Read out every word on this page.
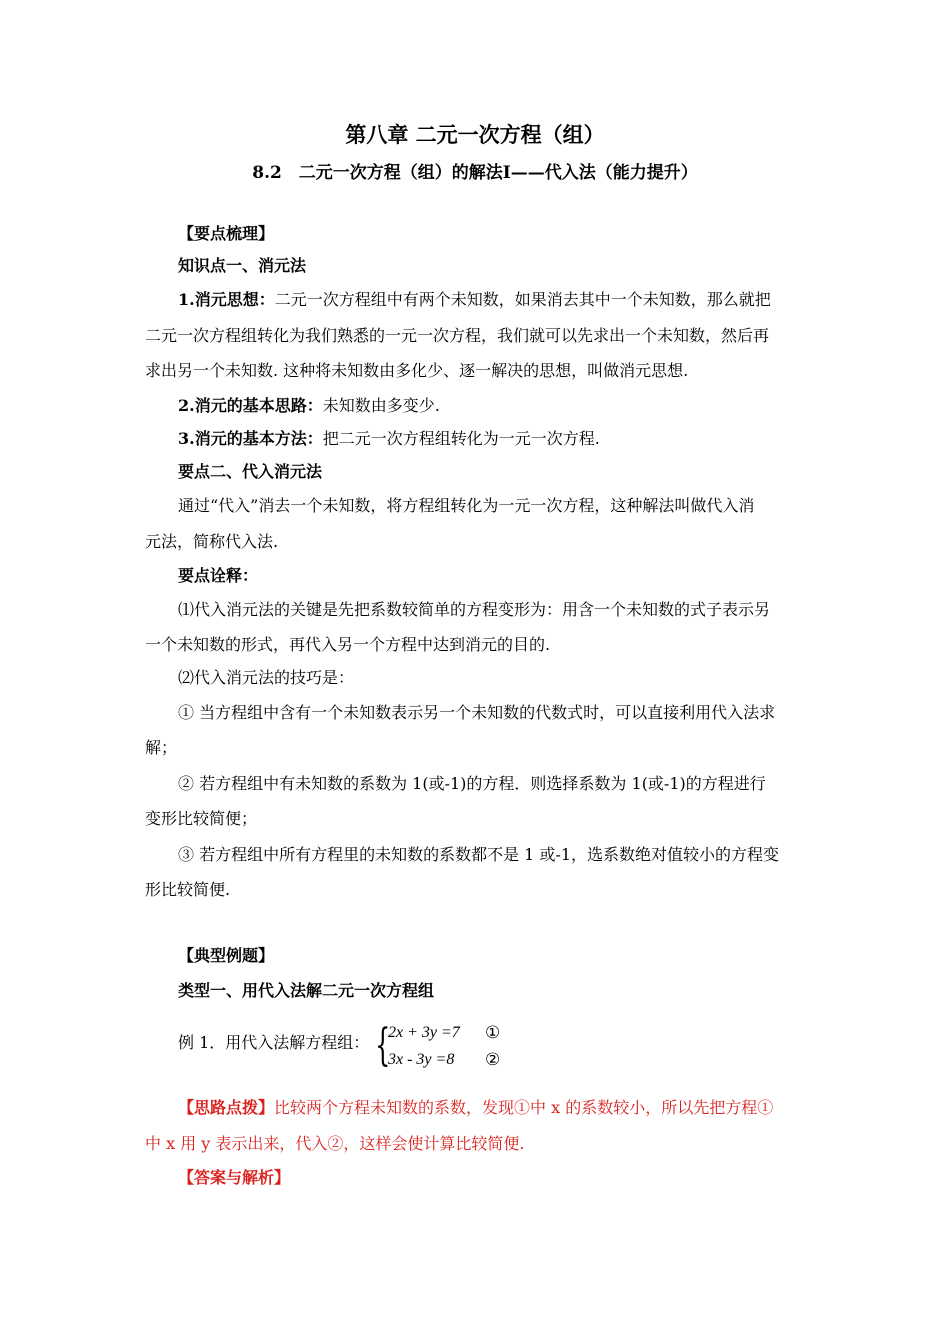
第八章 二元一次方程（组）
8.2　二元一次方程（组）的解法Ⅰ——代入法（能力提升）
【要点梳理】
知识点一、消元法
1.消元思想：二元一次方程组中有两个未知数，如果消去其中一个未知数，那么就把
二元一次方程组转化为我们熟悉的一元一次方程，我们就可以先求出一个未知数，然后再
求出另一个未知数. 这种将未知数由多化少、逐一解决的思想，叫做消元思想.
2.消元的基本思路：未知数由多变少.
3.消元的基本方法：把二元一次方程组转化为一元一次方程.
要点二、代入消元法
通过“代入”消去一个未知数，将方程组转化为一元一次方程，这种解法叫做代入消
元法，简称代入法.
要点诠释：
⑴代入消元法的关键是先把系数较简单的方程变形为：用含一个未知数的式子表示另
一个未知数的形式，再代入另一个方程中达到消元的目的.
⑵代入消元法的技巧是：
① 当方程组中含有一个未知数表示另一个未知数的代数式时，可以直接利用代入法求
解；
② 若方程组中有未知数的系数为 1(或-1)的方程．则选择系数为 1(或-1)的方程进行
变形比较简便；
③ 若方程组中所有方程里的未知数的系数都不是 1 或-1，选系数绝对值较小的方程变
形比较简便.
【典型例题】
类型一、用代入法解二元一次方程组
例 1．用代入法解方程组： {
2x + 3y =7
3x - 3y =8
①
②
【思路点拨】比较两个方程未知数的系数，发现①中 x 的系数较小，所以先把方程①
中 x 用 y 表示出来，代入②，这样会使计算比较简便.
【答案与解析】
